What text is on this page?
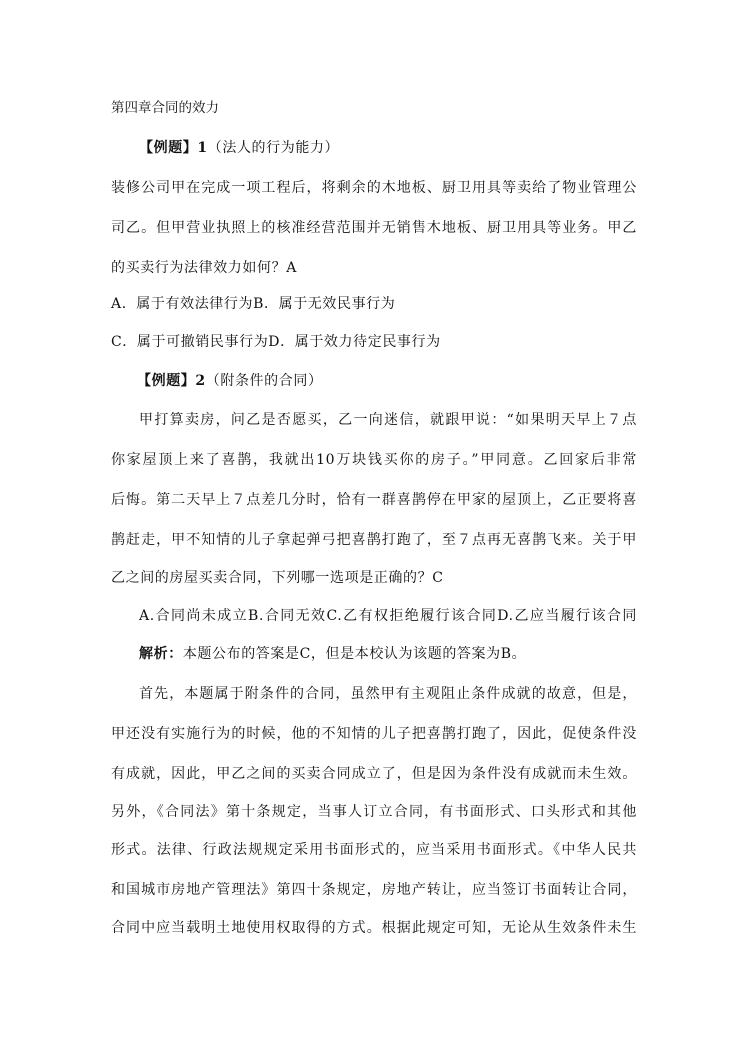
第四章合同的效力
【例题】1（法人的行为能力）
装修公司甲在完成一项工程后，将剩余的木地板、厨卫用具等卖给了物业管理公
司乙。但甲营业执照上的核准经营范围并无销售木地板、厨卫用具等业务。甲乙
的买卖行为法律效力如何？A
A．属于有效法律行为B．属于无效民事行为
C．属于可撤销民事行为D．属于效力待定民事行为
【例题】2（附条件的合同）
甲打算卖房，问乙是否愿买，乙一向迷信，就跟甲说：“如果明天早上７点
你家屋顶上来了喜鹊，我就出10万块钱买你的房子。”甲同意。乙回家后非常
后悔。第二天早上７点差几分时，恰有一群喜鹊停在甲家的屋顶上，乙正要将喜
鹊赶走，甲不知情的儿子拿起弹弓把喜鹊打跑了，至７点再无喜鹊飞来。关于甲
乙之间的房屋买卖合同，下列哪一选项是正确的？C
A.合同尚未成立B.合同无效C.乙有权拒绝履行该合同D.乙应当履行该合同
解析：本题公布的答案是C，但是本校认为该题的答案为B。
首先，本题属于附条件的合同，虽然甲有主观阻止条件成就的故意，但是，
甲还没有实施行为的时候，他的不知情的儿子把喜鹊打跑了，因此，促使条件没
有成就，因此，甲乙之间的买卖合同成立了，但是因为条件没有成就而未生效。
另外，《合同法》第十条规定，当事人订立合同，有书面形式、口头形式和其他
形式。法律、行政法规规定采用书面形式的，应当采用书面形式。《中华人民共
和国城市房地产管理法》第四十条规定，房地产转让，应当签订书面转让合同，
合同中应当载明土地使用权取得的方式。根据此规定可知，无论从生效条件未生
